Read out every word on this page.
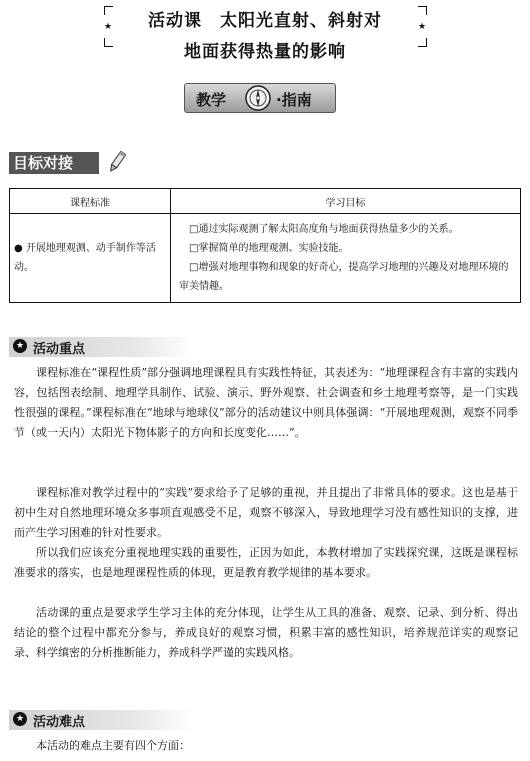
★	★
活动课　太阳光直射、斜射对
地面获得热量的影响
教学	·指南
目标对接
课程标准	学习目标
● 开展地理观测、动手制作等活动。	□通过实际观测了解太阳高度角与地面获得热量多少的关系。

□掌握简单的地理观测、实验技能。

□增强对地理事物和现象的好奇心，提高学习地理的兴趣及对地理环境的审美情趣。

★ 活动重点

课程标准在“课程性质”部分强调地理课程具有实践性特征，其表述为：“地理课程含有丰富的实践内容，包括图表绘制、地理学具制作、试验、演示、野外观察、社会调查和乡土地理考察等，是一门实践性很强的课程。”课程标准在“地球与地球仪”部分的活动建议中则具体强调：“开展地理观测，观察不同季节（或一天内）太阳光下物体影子的方向和长度变化……”。

课程标准对教学过程中的“实践”要求给予了足够的重视，并且提出了非常具体的要求。这也是基于初中生对自然地理环境众多事项直观感受不足，观察不够深入，导致地理学习没有感性知识的支撑，进而产生学习困难的针对性要求。

所以我们应该充分重视地理实践的重要性，正因为如此，本教材增加了实践探究课，这既是课程标准要求的落实，也是地理课程性质的体现，更是教育教学规律的基本要求。

活动课的重点是要求学生学习主体的充分体现，让学生从工具的准备、观察、记录、到分析、得出结论的整个过程中都充分参与，养成良好的观察习惯，积累丰富的感性知识，培养规范详实的观察记录、科学缜密的分析推断能力，养成科学严谨的实践风格。

★ 活动难点

本活动的难点主要有四个方面：
